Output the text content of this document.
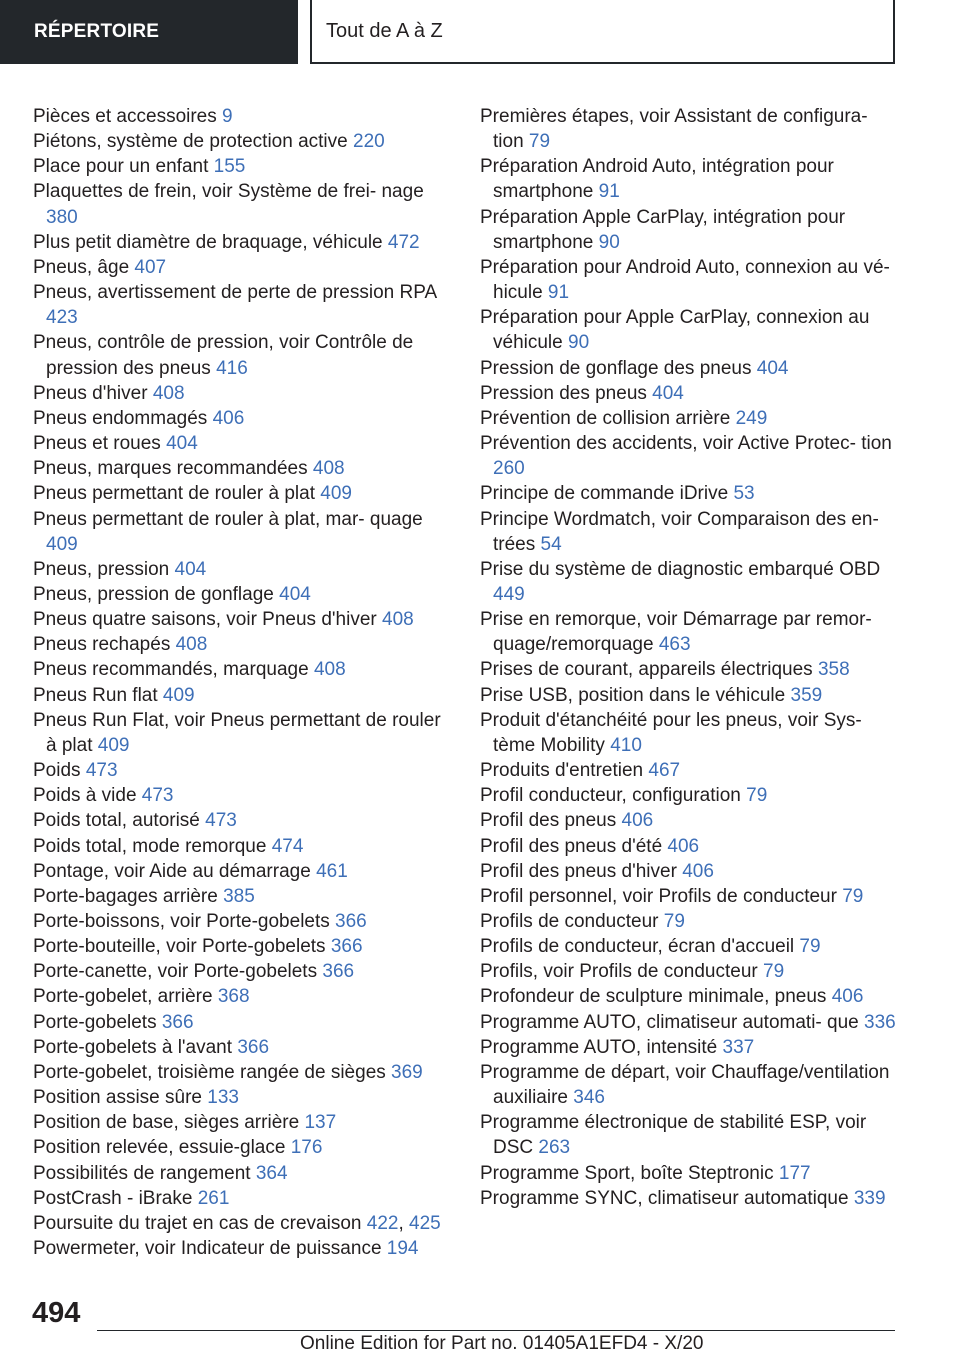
RÉPERTOIRE	Tout de A à Z
Pièces et accessoires 9
Piétons, système de protection active 220
Place pour un enfant 155
Plaquettes de frein, voir Système de frei- nage 380
Plus petit diamètre de braquage, véhicule 472
Pneus, âge 407
Pneus, avertissement de perte de pression RPA 423
Pneus, contrôle de pression, voir Contrôle de pression des pneus 416
Pneus d'hiver 408
Pneus endommagés 406
Pneus et roues 404
Pneus, marques recommandées 408
Pneus permettant de rouler à plat 409
Pneus permettant de rouler à plat, mar- quage 409
Pneus, pression 404
Pneus, pression de gonflage 404
Pneus quatre saisons, voir Pneus d'hiver 408
Pneus rechapés 408
Pneus recommandés, marquage 408
Pneus Run flat 409
Pneus Run Flat, voir Pneus permettant de rouler à plat 409
Poids 473
Poids à vide 473
Poids total, autorisé 473
Poids total, mode remorque 474
Pontage, voir Aide au démarrage 461
Porte-bagages arrière 385
Porte-boissons, voir Porte-gobelets 366
Porte-bouteille, voir Porte-gobelets 366
Porte-canette, voir Porte-gobelets 366
Porte-gobelet, arrière 368
Porte-gobelets 366
Porte-gobelets à l'avant 366
Porte-gobelet, troisième rangée de sièges 369
Position assise sûre 133
Position de base, sièges arrière 137
Position relevée, essuie-glace 176
Possibilités de rangement 364
PostCrash - iBrake 261
Poursuite du trajet en cas de crevaison 422, 425
Powermeter, voir Indicateur de puissance 194
Premières étapes, voir Assistant de configura- tion 79
Préparation Android Auto, intégration pour smartphone 91
Préparation Apple CarPlay, intégration pour smartphone 90
Préparation pour Android Auto, connexion au vé- hicule 91
Préparation pour Apple CarPlay, connexion au véhicule 90
Pression de gonflage des pneus 404
Pression des pneus 404
Prévention de collision arrière 249
Prévention des accidents, voir Active Protec- tion 260
Principe de commande iDrive 53
Principe Wordmatch, voir Comparaison des en- trées 54
Prise du système de diagnostic embarqué OBD 449
Prise en remorque, voir Démarrage par remor- quage/remorquage 463
Prises de courant, appareils électriques 358
Prise USB, position dans le véhicule 359
Produit d'étanchéité pour les pneus, voir Sys- tème Mobility 410
Produits d'entretien 467
Profil conducteur, configuration 79
Profil des pneus 406
Profil des pneus d'été 406
Profil des pneus d'hiver 406
Profil personnel, voir Profils de conducteur 79
Profils de conducteur 79
Profils de conducteur, écran d'accueil 79
Profils, voir Profils de conducteur 79
Profondeur de sculpture minimale, pneus 406
Programme AUTO, climatiseur automati- que 336
Programme AUTO, intensité 337
Programme de départ, voir Chauffage/ventilation auxiliaire 346
Programme électronique de stabilité ESP, voir DSC 263
Programme Sport, boîte Steptronic 177
Programme SYNC, climatiseur automatique 339
494
Online Edition for Part no. 01405A1EFD4 - X/20
